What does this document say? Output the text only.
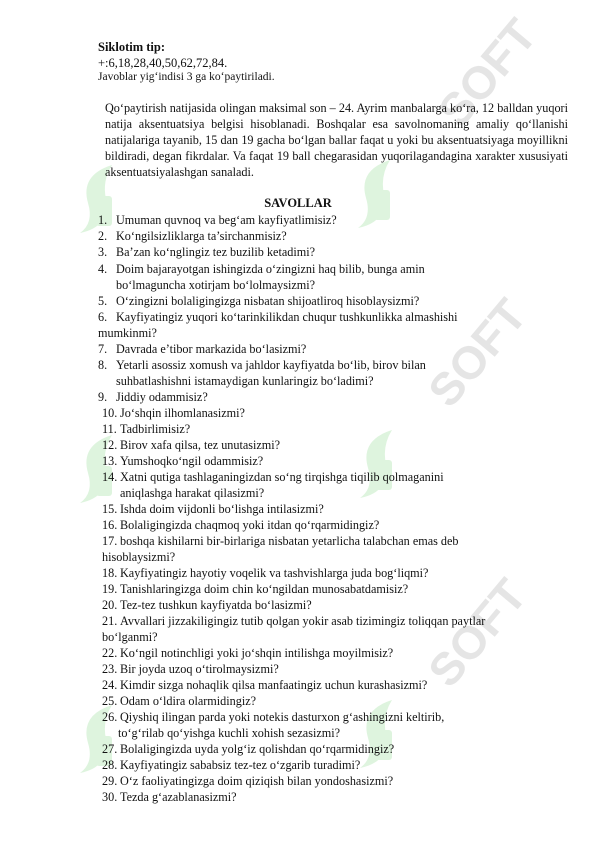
SOFT
SOFT
SOFT
Siklotim tip:
+:6,18,28,40,50,62,72,84.
Javoblar yig‘indisi 3 ga ko‘paytiriladi.
Qo‘paytirish natijasida olingan maksimal son – 24. Ayrim manbalarga ko‘ra, 12 balldan yuqori natija aksentuatsiya belgisi hisoblanadi. Boshqalar esa savolnomaning amaliy qo‘llanishi natijalariga tayanib, 15 dan 19 gacha bo‘lgan ballar faqat u yoki bu aksentuatsiyaga moyillikni bildiradi, degan fikrdalar. Va faqat 19 ball chegarasidan yuqorilagandagina xarakter xususiyati aksentuatsiyalashgan sanaladi.
SAVOLLAR
1. Umuman quvnoq va beg‘am kayfiyatlimisiz?
2. Ko‘ngilsizliklarga ta’sirchanmisiz?
3. Ba’zan ko‘nglingiz tez buzilib ketadimi?
4. Doim bajarayotgan ishingizda o‘zingizni haq bilib, bunga amin
bo‘lmaguncha xotirjam bo‘lolmaysizmi?
5. O‘zingizni bolaligingizga nisbatan shijoatliroq hisoblaysizmi?
6. Kayfiyatingiz yuqori ko‘tarinkilikdan chuqur tushkunlikka almashishi
mumkinmi?
7. Davrada e’tibor markazida bo‘lasizmi?
8. Yetarli asossiz xomush va jahldor kayfiyatda bo‘lib, birov bilan
suhbatlashishni istamaydigan kunlaringiz bo‘ladimi?
9. Jiddiy odammisiz?
10. Jo‘shqin ilhomlanasizmi?
11. Tadbirlimisiz?
12. Birov xafa qilsa, tez unutasizmi?
13. Yumshoqko‘ngil odammisiz?
14. Xatni qutiga tashlaganingizdan so‘ng tirqishga tiqilib qolmaganini
aniqlashga harakat qilasizmi?
15. Ishda doim vijdonli bo‘lishga intilasizmi?
16. Bolaligingizda chaqmoq yoki itdan qo‘rqarmidingiz?
17. boshqa kishilarni bir-birlariga nisbatan yetarlicha talabchan emas deb
hisoblaysizmi?
18. Kayfiyatingiz hayotiy voqelik va tashvishlarga juda bog‘liqmi?
19. Tanishlaringizga doim chin ko‘ngildan munosabatdamisiz?
20. Tez-tez tushkun kayfiyatda bo‘lasizmi?
21. Avvallari jizzakiligingiz tutib qolgan yokir asab tizimingiz toliqqan paytlar
bo‘lganmi?
22. Ko‘ngil notinchligi yoki jo‘shqin intilishga moyilmisiz?
23. Bir joyda uzoq o‘tirolmaysizmi?
24. Kimdir sizga nohaqlik qilsa manfaatingiz uchun kurashasizmi?
25. Odam o‘ldira olarmidingiz?
26. Qiyshiq ilingan parda yoki notekis dasturxon g‘ashingizni keltirib,
to‘g‘rilab qo‘yishga kuchli xohish sezasizmi?
27. Bolaligingizda uyda yolg‘iz qolishdan qo‘rqarmidingiz?
28. Kayfiyatingiz sababsiz tez-tez o‘zgarib turadimi?
29. O‘z faoliyatingizga doim qiziqish bilan yondoshasizmi?
30. Tezda g‘azablanasizmi?
